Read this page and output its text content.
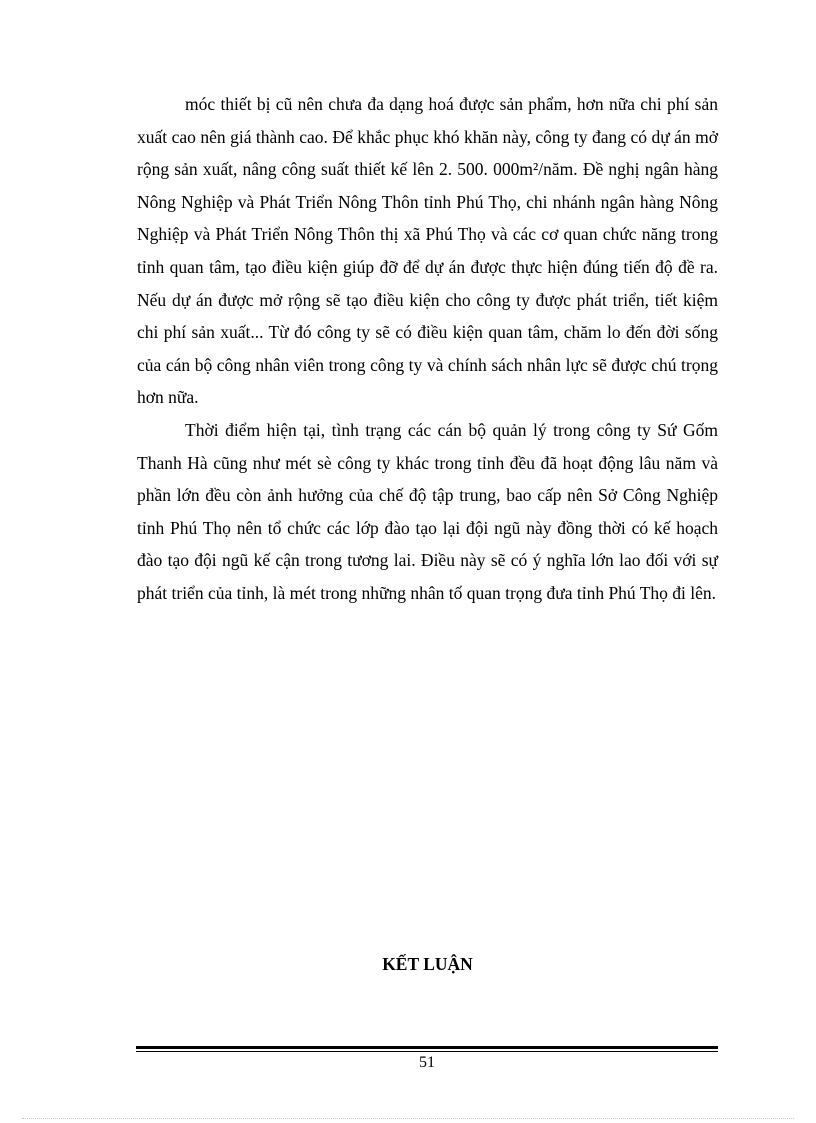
móc thiết bị cũ nên chưa đa dạng hoá được sản phẩm, hơn nữa chi phí sản xuất cao nên giá thành cao. Để khắc phục khó khăn này, công ty đang có dự án mở rộng sản xuất, nâng công suất thiết kế lên 2. 500. 000m²/năm. Đề nghị ngân hàng Nông Nghiệp và Phát Triển Nông Thôn tỉnh Phú Thọ, chi nhánh ngân hàng Nông Nghiệp và Phát Triển Nông Thôn thị xã Phú Thọ và các cơ quan chức năng trong tỉnh quan tâm, tạo điều kiện giúp đỡ để dự án được thực hiện đúng tiến độ đề ra. Nếu dự án được mở rộng sẽ tạo điều kiện cho công ty được phát triển, tiết kiệm chi phí sản xuất... Từ đó công ty sẽ có điều kiện quan tâm, chăm lo đến đời sống của cán bộ công nhân viên trong công ty và chính sách nhân lực sẽ được chú trọng hơn nữa.

Thời điểm hiện tại, tình trạng các cán bộ quản lý trong công ty Sứ Gốm Thanh Hà cũng như mét sè công ty khác trong tỉnh đều đã hoạt động lâu năm và phần lớn đều còn ảnh hưởng của chế độ tập trung, bao cấp nên Sở Công Nghiệp tỉnh Phú Thọ nên tổ chức các lớp đào tạo lại đội ngũ này đồng thời có kế hoạch đào tạo đội ngũ kế cận trong tương lai. Điều này sẽ có ý nghĩa lớn lao đối với sự phát triển của tỉnh, là mét trong những nhân tố quan trọng đưa tỉnh Phú Thọ đi lên.

KẾT LUẬN

51
